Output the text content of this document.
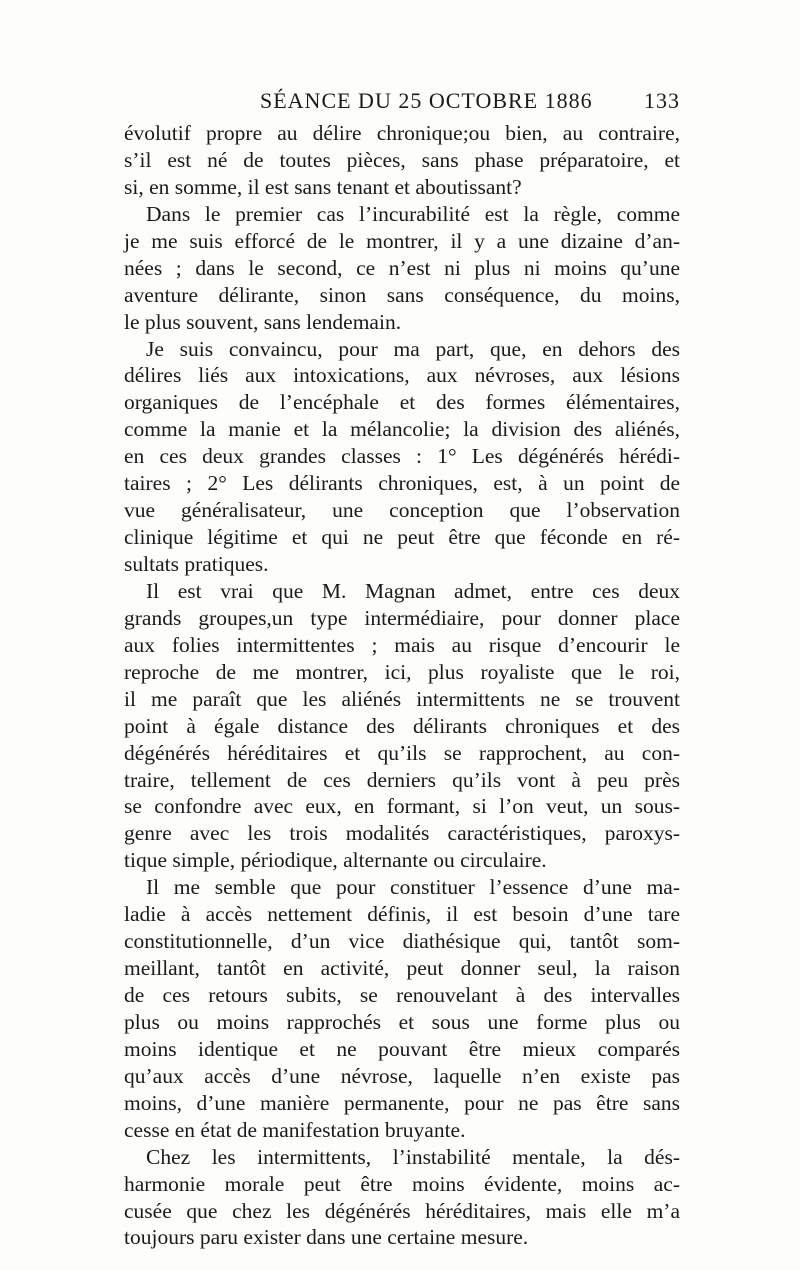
SÉANCE DU 25 OCTOBRE 1886 133
évolutif propre au délire chronique;ou bien, au contraire,
s’il est né de toutes pièces, sans phase préparatoire, et
si, en somme, il est sans tenant et aboutissant?
Dans le premier cas l’incurabilité est la règle, comme
je me suis efforcé de le montrer, il y a une dizaine d’an-
nées ; dans le second, ce n’est ni plus ni moins qu’une
aventure délirante, sinon sans conséquence, du moins,
le plus souvent, sans lendemain.
Je suis convaincu, pour ma part, que, en dehors des
délires liés aux intoxications, aux névroses, aux lésions
organiques de l’encéphale et des formes élémentaires,
comme la manie et la mélancolie; la division des aliénés,
en ces deux grandes classes : 1° Les dégénérés hérédi-
taires ; 2° Les délirants chroniques, est, à un point de
vue généralisateur, une conception que l’observation
clinique légitime et qui ne peut être que féconde en ré-
sultats pratiques.
Il est vrai que M. Magnan admet, entre ces deux
grands groupes,un type intermédiaire, pour donner place
aux folies intermittentes ; mais au risque d’encourir le
reproche de me montrer, ici, plus royaliste que le roi,
il me paraît que les aliénés intermittents ne se trouvent
point à égale distance des délirants chroniques et des
dégénérés héréditaires et qu’ils se rapprochent, au con-
traire, tellement de ces derniers qu’ils vont à peu près
se confondre avec eux, en formant, si l’on veut, un sous-
genre avec les trois modalités caractéristiques, paroxys-
tique simple, périodique, alternante ou circulaire.
Il me semble que pour constituer l’essence d’une ma-
ladie à accès nettement définis, il est besoin d’une tare
constitutionnelle, d’un vice diathésique qui, tantôt som-
meillant, tantôt en activité, peut donner seul, la raison
de ces retours subits, se renouvelant à des intervalles
plus ou moins rapprochés et sous une forme plus ou
moins identique et ne pouvant être mieux comparés
qu’aux accès d’une névrose, laquelle n’en existe pas
moins, d’une manière permanente, pour ne pas être sans
cesse en état de manifestation bruyante.
Chez les intermittents, l’instabilité mentale, la dés-
harmonie morale peut être moins évidente, moins ac-
cusée que chez les dégénérés héréditaires, mais elle m’a
toujours paru exister dans une certaine mesure.
